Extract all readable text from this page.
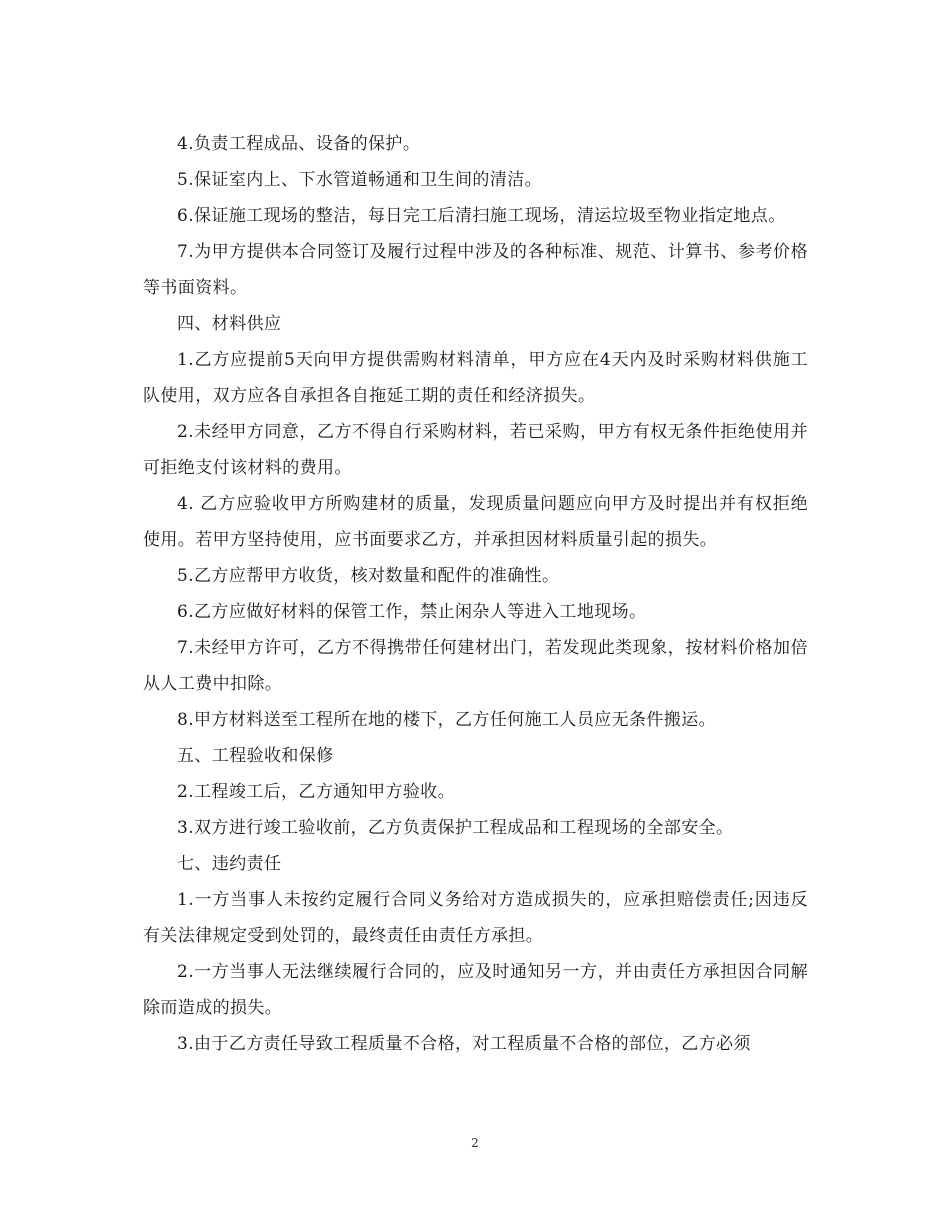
4.负责工程成品、设备的保护。

5.保证室内上、下水管道畅通和卫生间的清洁。

6.保证施工现场的整洁，每日完工后清扫施工现场，清运垃圾至物业指定地点。

7.为甲方提供本合同签订及履行过程中涉及的各种标准、规范、计算书、参考价格等书面资料。

四、材料供应

1.乙方应提前5天向甲方提供需购材料清单，甲方应在4天内及时采购材料供施工队使用，双方应各自承担各自拖延工期的责任和经济损失。

2.未经甲方同意，乙方不得自行采购材料，若已采购，甲方有权无条件拒绝使用并可拒绝支付该材料的费用。

4. 乙方应验收甲方所购建材的质量，发现质量问题应向甲方及时提出并有权拒绝使用。若甲方坚持使用，应书面要求乙方，并承担因材料质量引起的损失。

5.乙方应帮甲方收货，核对数量和配件的准确性。

6.乙方应做好材料的保管工作，禁止闲杂人等进入工地现场。

7.未经甲方许可，乙方不得携带任何建材出门，若发现此类现象，按材料价格加倍从人工费中扣除。

8.甲方材料送至工程所在地的楼下，乙方任何施工人员应无条件搬运。

五、工程验收和保修

2.工程竣工后，乙方通知甲方验收。

3.双方进行竣工验收前，乙方负责保护工程成品和工程现场的全部安全。

七、违约责任

1.一方当事人未按约定履行合同义务给对方造成损失的，应承担赔偿责任;因违反有关法律规定受到处罚的，最终责任由责任方承担。

2.一方当事人无法继续履行合同的，应及时通知另一方，并由责任方承担因合同解除而造成的损失。

3.由于乙方责任导致工程质量不合格，对工程质量不合格的部位，乙方必须

2
